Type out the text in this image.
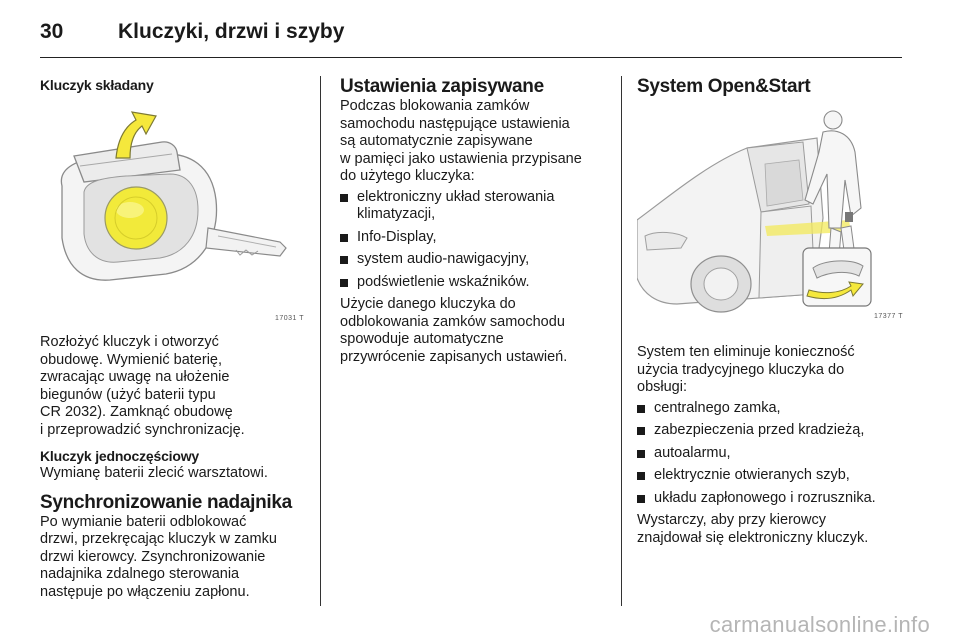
30	Kluczyki, drzwi i szyby
Kluczyk składany
17031 T
Rozłożyć kluczyk i otworzyć
obudowę. Wymienić baterię,
zwracając uwagę na ułożenie
biegunów (użyć baterii typu
CR 2032). Zamknąć obudowę
i przeprowadzić synchronizację.
Kluczyk jednoczęściowy
Wymianę baterii zlecić warsztatowi.
Synchronizowanie nadajnika
Po wymianie baterii odblokować
drzwi, przekręcając kluczyk w zamku
drzwi kierowcy. Zsynchronizowanie
nadajnika zdalnego sterowania
następuje po włączeniu zapłonu.
Ustawienia zapisywane
Podczas blokowania zamków
samochodu następujące ustawienia
są automatycznie zapisywane
w pamięci jako ustawienia przypisane
do użytego kluczyka:
elektroniczny układ sterowania
klimatyzacji,
Info-Display,
system audio-nawigacyjny,
podświetlenie wskaźników.
Użycie danego kluczyka do
odblokowania zamków samochodu
spowoduje automatyczne
przywrócenie zapisanych ustawień.
System Open&Start
17377 T
System ten eliminuje konieczność
użycia tradycyjnego kluczyka do
obsługi:
centralnego zamka,
zabezpieczenia przed kradzieżą,
autoalarmu,
elektrycznie otwieranych szyb,
układu zapłonowego i rozrusznika.
Wystarczy, aby przy kierowcy
znajdował się elektroniczny kluczyk.
carmanualsonline.info
